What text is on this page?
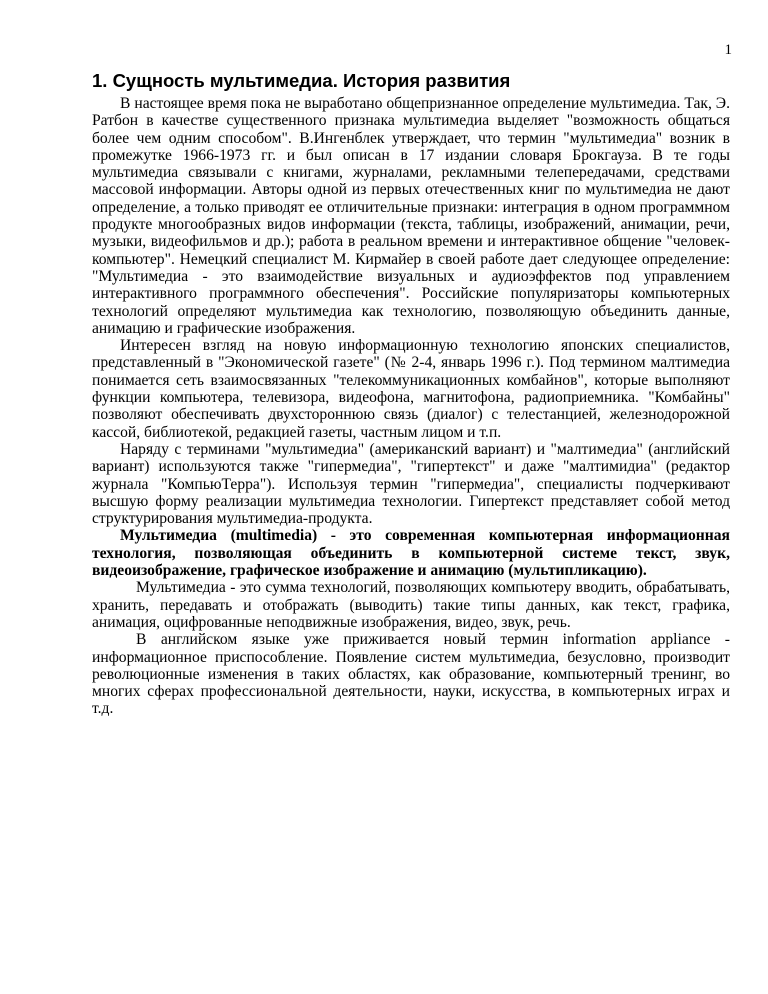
1
1. Сущность мультимедиа. История развития

В настоящее время пока не выработано общепризнанное определение мультимедиа. Так, Э. Ратбон в качестве существенного признака мультимедиа выделяет "возможность общаться более чем одним способом". В.Ингенблек утверждает, что термин "мультимедиа" возник в промежутке 1966-1973 гг. и был описан в 17 издании словаря Брокгауза. В те годы мультимедиа связывали с книгами, журналами, рекламными телепередачами, средствами массовой информации. Авторы одной из первых отечественных книг по мультимедиа не дают определение, а только приводят ее отличительные признаки: интеграция в одном программном продукте многообразных видов информации (текста, таблицы, изображений, анимации, речи, музыки, видеофильмов и др.); работа в реальном времени и интерактивное общение "человек-компьютер". Немецкий специалист М. Кирмайер в своей работе дает следующее определение: "Мультимедиа - это взаимодействие визуальных и аудиоэффектов под управлением интерактивного программного обеспечения". Российские популяризаторы компьютерных технологий определяют мультимедиа как технологию, позволяющую объединить данные, анимацию и графические изображения.

Интересен взгляд на новую информационную технологию японских специалистов, представленный в "Экономической газете" (№ 2-4, январь 1996 г.). Под термином малтимедиа понимается сеть взаимосвязанных "телекоммуникационных комбайнов", которые выполняют функции компьютера, телевизора, видеофона, магнитофона, радиоприемника. "Комбайны" позволяют обеспечивать двухстороннюю связь (диалог) с телестанцией, железнодорожной кассой, библиотекой, редакцией газеты, частным лицом и т.п.

Наряду с терминами "мультимедиа" (американский вариант) и "малтимедиа" (английский вариант) используются также "гипермедиа", "гипертекст" и даже "малтимидиа" (редактор журнала "КомпьюТерра"). Используя термин "гипермедиа", специалисты подчеркивают высшую форму реализации мультимедиа технологии. Гипертекст представляет собой метод структурирования мультимедиа-продукта.

Мультимедиа (multimedia) - это современная компьютерная информационная технология, позволяющая объединить в компьютерной системе текст, звук, видеоизображение, графическое изображение и анимацию (мультипликацию).

Мультимедиа - это сумма технологий, позволяющих компьютеру вводить, обрабатывать, хранить, передавать и отображать (выводить) такие типы данных, как текст, графика, анимация, оцифрованные неподвижные изображения, видео, звук, речь.

В английском языке уже приживается новый термин information appliance - информационное приспособление. Появление систем мультимедиа, безусловно, производит революционные изменения в таких областях, как образование, компьютерный тренинг, во многих сферах профессиональной деятельности, науки, искусства, в компьютерных играх и т.д.
